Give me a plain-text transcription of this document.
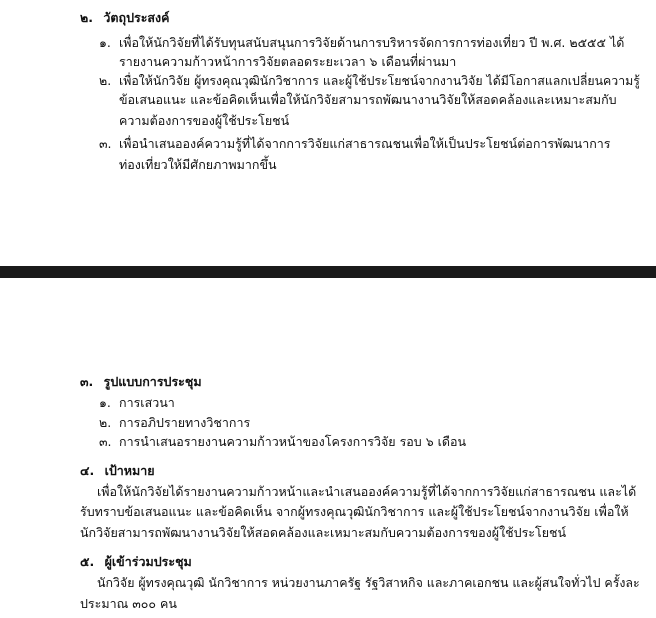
๒. วัตถุประสงค์
๑. เพื่อให้นักวิจัยที่ได้รับทุนสนับสนุนการวิจัยด้านการบริหารจัดการการท่องเที่ยว ปี พ.ศ. ๒๕๕๕ ได้
รายงานความก้าวหน้าการวิจัยตลอดระยะเวลา ๖ เดือนที่ผ่านมา
๒. เพื่อให้นักวิจัย ผู้ทรงคุณวุฒินักวิชาการ และผู้ใช้ประโยชน์จากงานวิจัย ได้มีโอกาสแลกเปลี่ยนความรู้
ข้อเสนอแนะ และข้อคิดเห็นเพื่อให้นักวิจัยสามารถพัฒนางานวิจัยให้สอดคล้องและเหมาะสมกับ
ความต้องการของผู้ใช้ประโยชน์
๓. เพื่อนำเสนอองค์ความรู้ที่ได้จากการวิจัยแก่สาธารณชนเพื่อให้เป็นประโยชน์ต่อการพัฒนาการ
ท่องเที่ยวให้มีศักยภาพมากขึ้น
๓. รูปแบบการประชุม
๑. การเสวนา
๒. การอภิปรายทางวิชาการ
๓. การนำเสนอรายงานความก้าวหน้าของโครงการวิจัย รอบ ๖ เดือน
๔. เป้าหมาย
เพื่อให้นักวิจัยได้รายงานความก้าวหน้าและนำเสนอองค์ความรู้ที่ได้จากการวิจัยแก่สาธารณชน และได้
รับทราบข้อเสนอแนะ และข้อคิดเห็น จากผู้ทรงคุณวุฒินักวิชาการ และผู้ใช้ประโยชน์จากงานวิจัย เพื่อให้
นักวิจัยสามารถพัฒนางานวิจัยให้สอดคล้องและเหมาะสมกับความต้องการของผู้ใช้ประโยชน์
๕. ผู้เข้าร่วมประชุม
นักวิจัย ผู้ทรงคุณวุฒิ นักวิชาการ หน่วยงานภาครัฐ รัฐวิสาหกิจ และภาคเอกชน และผู้สนใจทั่วไป ครั้งละ
ประมาณ ๓๐๐ คน
